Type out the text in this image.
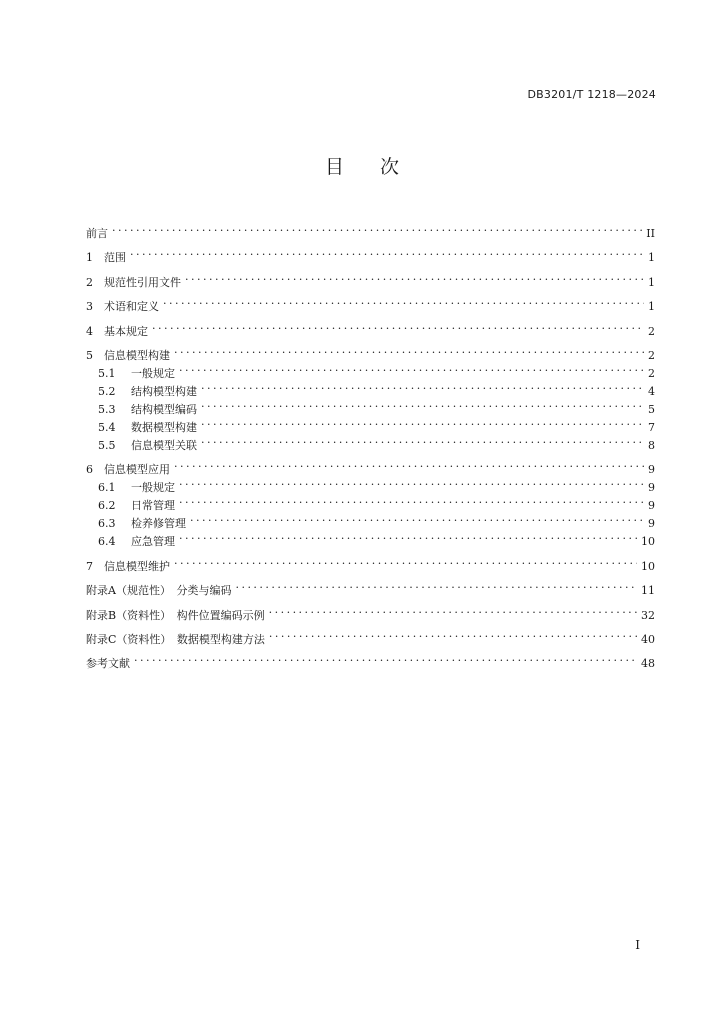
DB3201/T 1218—2024
目次
前言 . . .	II
1	范围 . . .	1
2	规范性引用文件 . . .	1
3	术语和定义 . . .	1
4	基本规定 . . .	2
5	信息模型构建 . . .	2
5.1	一般规定 . . .	2
5.2	结构模型构建 . . .	4
5.3	结构模型编码 . . .	5
5.4	数据模型构建 . . .	7
5.5	信息模型关联 . . .	8
6	信息模型应用 . . .	9
6.1	一般规定 . . .	9
6.2	日常管理 . . .	9
6.3	检养修管理 . . .	9
6.4	应急管理 . . .	10
7	信息模型维护 . . .	10
附录A（规范性）　分类与编码 . . .	11
附录B（资料性）　构件位置编码示例 . . .	32
附录C（资料性）　数据模型构建方法 . . .	40
参考文献 . . .	48
I
